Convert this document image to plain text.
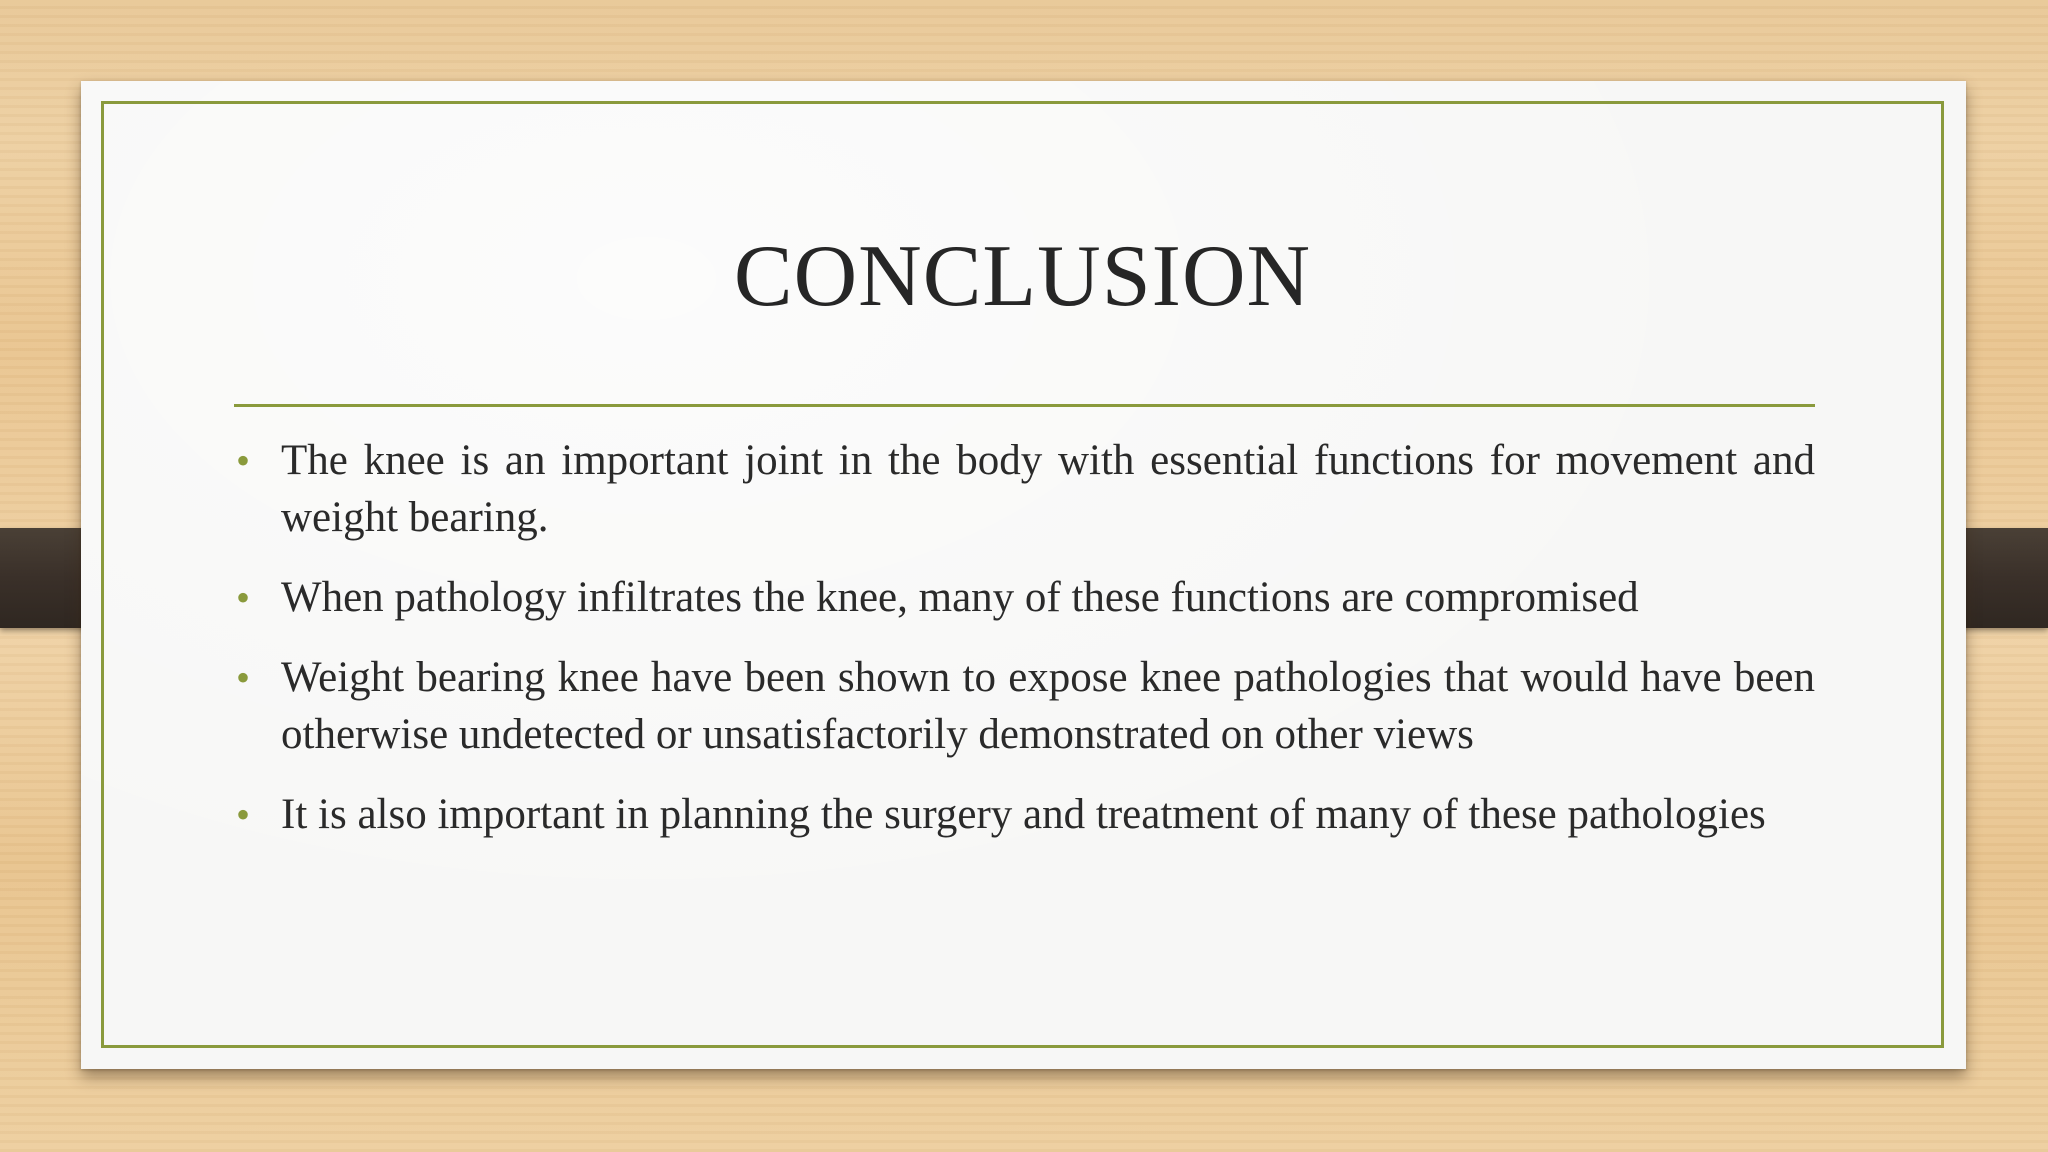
CONCLUSION
• The knee is an important joint in the body with essential functions for movement and weight bearing.
• When pathology infiltrates the knee, many of these functions are compromised
• Weight bearing knee have been shown to expose knee pathologies that would have been otherwise undetected or unsatisfactorily demonstrated on other views
• It is also important in planning the surgery and treatment of many of these pathologies
